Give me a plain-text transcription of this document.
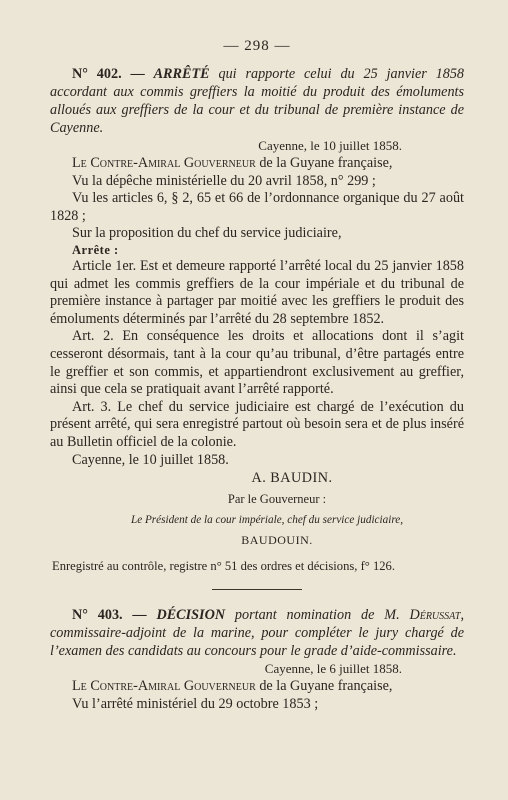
— 298 —

N° 402. — ARRÊTÉ qui rapporte celui du 25 janvier 1858 accordant aux commis greffiers la moitié du produit des émoluments alloués aux greffiers de la cour et du tribunal de première instance de Cayenne.

Cayenne, le 10 juillet 1858.

Le Contre-Amiral Gouverneur de la Guyane française,

Vu la dépêche ministérielle du 20 avril 1858, n° 299 ;

Vu les articles 6, § 2, 65 et 66 de l’ordonnance organique du 27 août 1828 ;

Sur la proposition du chef du service judiciaire,

Arrête :

Article 1er. Est et demeure rapporté l’arrêté local du 25 janvier 1858 qui admet les commis greffiers de la cour impériale et du tribunal de première instance à partager par moitié avec les greffiers le produit des émoluments déterminés par l’arrêté du 28 septembre 1852.

Art. 2. En conséquence les droits et allocations dont il s’agit cesseront désormais, tant à la cour qu’au tribunal, d’être partagés entre le greffier et son commis, et appartiendront exclusivement au greffier, ainsi que cela se pratiquait avant l’arrêté rapporté.

Art. 3. Le chef du service judiciaire est chargé de l’exécution du présent arrêté, qui sera enregistré partout où besoin sera et de plus inséré au Bulletin officiel de la colonie.

Cayenne, le 10 juillet 1858.

A. BAUDIN.

Par le Gouverneur :

Le Président de la cour impériale, chef du service judiciaire,

BAUDOUIN.

Enregistré au contrôle, registre n° 51 des ordres et décisions, f° 126.

N° 403. — DÉCISION portant nomination de M. Dérussat, commissaire-adjoint de la marine, pour compléter le jury chargé de l’examen des candidats au concours pour le grade d’aide-commissaire.

Cayenne, le 6 juillet 1858.

Le Contre-Amiral Gouverneur de la Guyane française,

Vu l’arrêté ministériel du 29 octobre 1853 ;
